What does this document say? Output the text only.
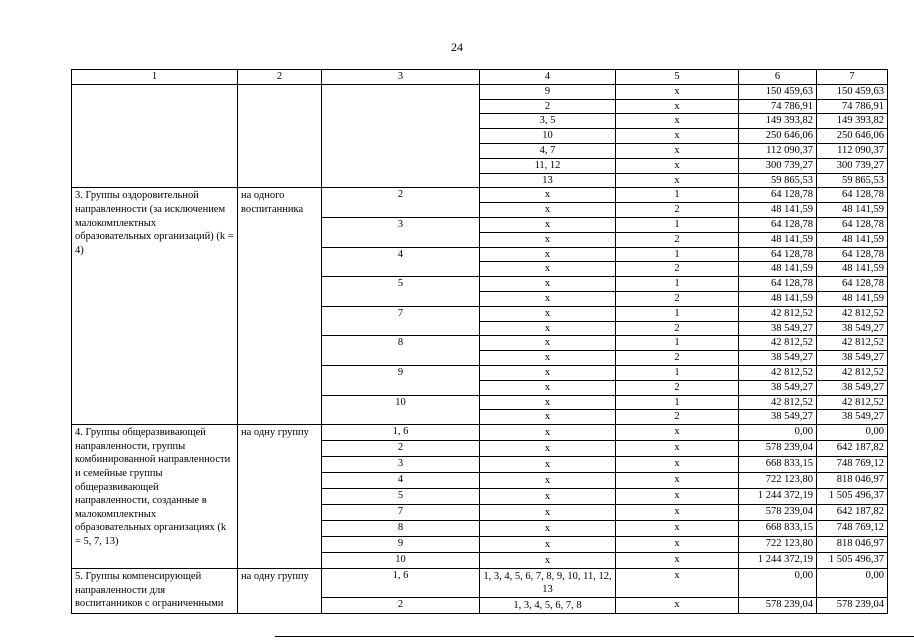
24
1	2	3	4	5	6	7
			9	х	150 459,63	150 459,63
			2	х	74 786,91	74 786,91
			3, 5	х	149 393,82	149 393,82
			10	х	250 646,06	250 646,06
			4, 7	х	112 090,37	112 090,37
			11, 12	х	300 739,27	300 739,27
			13	х	59 865,53	59 865,53
3. Группы оздоровительной направленности (за исключением малокомплектных образовательных организаций) (k = 4)	на одного воспитанника	2	х	1	64 128,78	64 128,78
			х	2	48 141,59	48 141,59
		3	х	1	64 128,78	64 128,78
			х	2	48 141,59	48 141,59
		4	х	1	64 128,78	64 128,78
			х	2	48 141,59	48 141,59
		5	х	1	64 128,78	64 128,78
			х	2	48 141,59	48 141,59
		7	х	1	42 812,52	42 812,52
			х	2	38 549,27	38 549,27
		8	х	1	42 812,52	42 812,52
			х	2	38 549,27	38 549,27
		9	х	1	42 812,52	42 812,52
			х	2	38 549,27	38 549,27
		10	х	1	42 812,52	42 812,52
			х	2	38 549,27	38 549,27
4. Группы общеразвивающей направленности, группы комбинированной направленности и семейные группы общеразвивающей направленности, созданные в малокомплектных образовательных организациях (k = 5, 7, 13)	на одну группу	1, 6	х	х	0,00	0,00
		2	х	х	578 239,04	642 187,82
		3	х	х	668 833,15	748 769,12
		4	х	х	722 123,80	818 046,97
		5	х	х	1 244 372,19	1 505 496,37
		7	х	х	578 239,04	642 187,82
		8	х	х	668 833,15	748 769,12
		9	х	х	722 123,80	818 046,97
		10	х	х	1 244 372,19	1 505 496,37
5. Группы компенсирующей направленности для воспитанников с ограниченными	на одну группу	1, 6	1, 3, 4, 5, 6, 7, 8, 9, 10, 11, 12, 13	х	0,00	0,00
		2	1, 3, 4, 5, 6, 7, 8	х	578 239,04	578 239,04
